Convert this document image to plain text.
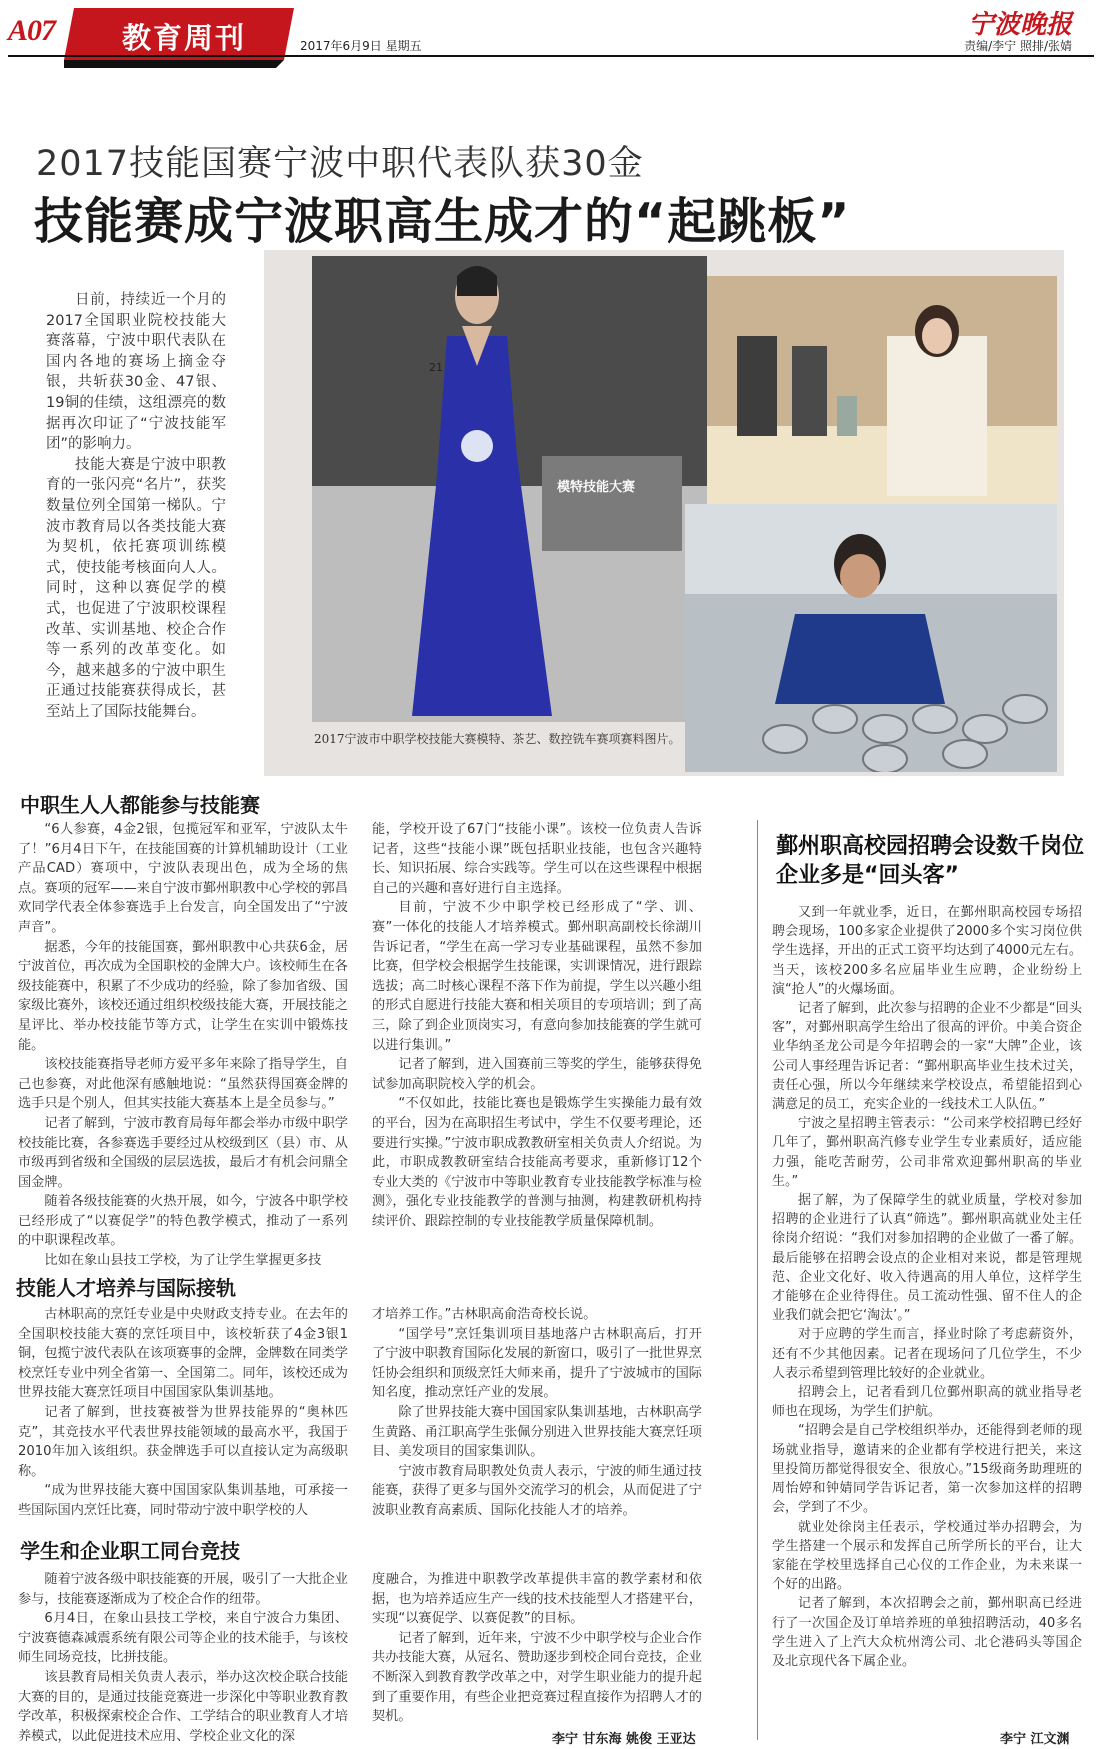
A07 教育周刊	2017年6月9日 星期五
宁波晚报
责编/李宁 照排/张婧
2017技能国赛宁波中职代表队获30金
技能赛成宁波职高生成才的“起跳板”

日前，持续近一个月的2017全国职业院校技能大赛落幕，宁波中职代表队在国内各地的赛场上摘金夺银，共斩获30金、47银、19铜的佳绩，这组漂亮的数据再次印证了“宁波技能军团”的影响力。

技能大赛是宁波中职教育的一张闪亮“名片”，获奖数量位列全国第一梯队。宁波市教育局以各类技能大赛为契机，依托赛项训练模式，使技能考核面向人人。同时，这种以赛促学的模式，也促进了宁波职校课程改革、实训基地、校企合作等一系列的改革变化。如今，越来越多的宁波中职生正通过技能赛获得成长，甚至站上了国际技能舞台。

模特技能大赛
21
2017宁波市中职学校技能大赛模特、茶艺、数控铣车赛项赛料图片。
中职生人人都能参与技能赛

“6人参赛，4金2银，包揽冠军和亚军，宁波队太牛了！”6月4日下午，在技能国赛的计算机辅助设计（工业产品CAD）赛项中，宁波队表现出色，成为全场的焦点。赛项的冠军——来自宁波市鄞州职教中心学校的郭昌欢同学代表全体参赛选手上台发言，向全国发出了“宁波声音”。

据悉，今年的技能国赛，鄞州职教中心共获6金，居宁波首位，再次成为全国职校的金牌大户。该校师生在各级技能赛中，积累了不少成功的经验，除了参加省级、国家级比赛外，该校还通过组织校级技能大赛，开展技能之星评比、举办校技能节等方式，让学生在实训中锻炼技能。

该校技能赛指导老师方爱平多年来除了指导学生，自己也参赛，对此他深有感触地说：“虽然获得国赛金牌的选手只是个别人，但其实技能大赛基本上是全员参与。”

记者了解到，宁波市教育局每年都会举办市级中职学校技能比赛，各参赛选手要经过从校级到区（县）市、从市级再到省级和全国级的层层选拔，最后才有机会问鼎全国金牌。

随着各级技能赛的火热开展，如今，宁波各中职学校已经形成了“以赛促学”的特色教学模式，推动了一系列的中职课程改革。

比如在象山县技工学校，为了让学生掌握更多技

能，学校开设了67门“技能小课”。该校一位负责人告诉记者，这些“技能小课”既包括职业技能，也包含兴趣特长、知识拓展、综合实践等。学生可以在这些课程中根据自己的兴趣和喜好进行自主选择。

目前，宁波不少中职学校已经形成了“学、训、赛”一体化的技能人才培养模式。鄞州职高副校长徐湖川告诉记者，“学生在高一学习专业基础课程，虽然不参加比赛，但学校会根据学生技能课，实训课情况，进行跟踪选拔；高二时核心课程不落下作为前提，学生以兴趣小组的形式自愿进行技能大赛和相关项目的专项培训；到了高三，除了到企业顶岗实习，有意向参加技能赛的学生就可以进行集训。”

记者了解到，进入国赛前三等奖的学生，能够获得免试参加高职院校入学的机会。

“不仅如此，技能比赛也是锻炼学生实操能力最有效的平台，因为在高职招生考试中，学生不仅要考理论，还要进行实操。”宁波市职成教教研室相关负责人介绍说。为此，市职成教教研室结合技能高考要求，重新修订12个专业大类的《宁波市中等职业教育专业技能教学标准与检测》，强化专业技能教学的普测与抽测，构建教研机构持续评价、跟踪控制的专业技能教学质量保障机制。

技能人才培养与国际接轨

古林职高的烹饪专业是中央财政支持专业。在去年的全国职校技能大赛的烹饪项目中，该校斩获了4金3银1铜，包揽宁波代表队在该项赛事的金牌，金牌数在同类学校烹饪专业中列全省第一、全国第二。同年，该校还成为世界技能大赛烹饪项目中国国家队集训基地。

记者了解到，世技赛被誉为世界技能界的“奥林匹克”，其竞技水平代表世界技能领域的最高水平，我国于2010年加入该组织。获金牌选手可以直接认定为高级职称。

“成为世界技能大赛中国国家队集训基地，可承接一些国际国内烹饪比赛，同时带动宁波中职学校的人

才培养工作。”古林职高俞浩奇校长说。

“国学号”烹饪集训项目基地落户古林职高后，打开了宁波中职教育国际化发展的新窗口，吸引了一批世界烹饪协会组织和顶级烹饪大师来甬，提升了宁波城市的国际知名度，推动烹饪产业的发展。

除了世界技能大赛中国国家队集训基地，古林职高学生黄路、甬江职高学生张佩分别进入世界技能大赛烹饪项目、美发项目的国家集训队。

宁波市教育局职教处负责人表示，宁波的师生通过技能赛，获得了更多与国外交流学习的机会，从而促进了宁波职业教育高素质、国际化技能人才的培养。

学生和企业职工同台竞技

随着宁波各级中职技能赛的开展，吸引了一大批企业参与，技能赛逐渐成为了校企合作的纽带。

6月4日，在象山县技工学校，来自宁波合力集团、宁波赛德森减震系统有限公司等企业的技术能手，与该校师生同场竞技，比拼技能。

该县教育局相关负责人表示，举办这次校企联合技能大赛的目的，是通过技能竞赛进一步深化中等职业教育教学改革，积极探索校企合作、工学结合的职业教育人才培养模式，以此促进技术应用、学校企业文化的深

度融合，为推进中职教学改革提供丰富的教学素材和依据，也为培养适应生产一线的技术技能型人才搭建平台，实现“以赛促学、以赛促教”的目标。

记者了解到，近年来，宁波不少中职学校与企业合作共办技能大赛，从冠名、赞助逐步到校企同台竞技，企业不断深入到教育教学改革之中，对学生职业能力的提升起到了重要作用，有些企业把竞赛过程直接作为招聘人才的契机。

李宁 甘东海 姚俊 王亚达
鄞州职高校园招聘会设数千岗位
企业多是“回头客”

又到一年就业季，近日，在鄞州职高校园专场招聘会现场，100多家企业提供了2000多个实习岗位供学生选择，开出的正式工资平均达到了4000元左右。当天，该校200多名应届毕业生应聘，企业纷纷上演“抢人”的火爆场面。

记者了解到，此次参与招聘的企业不少都是“回头客”，对鄞州职高学生给出了很高的评价。中美合资企业华纳圣龙公司是今年招聘会的一家“大牌”企业，该公司人事经理告诉记者：“鄞州职高毕业生技术过关，责任心强，所以今年继续来学校设点，希望能招到心满意足的员工，充实企业的一线技术工人队伍。”

宁波之星招聘主管表示：“公司来学校招聘已经好几年了，鄞州职高汽修专业学生专业素质好，适应能力强，能吃苦耐劳，公司非常欢迎鄞州职高的毕业生。”

据了解，为了保障学生的就业质量，学校对参加招聘的企业进行了认真“筛选”。鄞州职高就业处主任徐岗介绍说：“我们对参加招聘的企业做了一番了解。最后能够在招聘会设点的企业相对来说，都是管理规范、企业文化好、收入待遇高的用人单位，这样学生才能够在企业待得住。员工流动性强、留不住人的企业我们就会把它‘淘汰’。”

对于应聘的学生而言，择业时除了考虑薪资外，还有不少其他因素。记者在现场问了几位学生，不少人表示希望到管理比较好的企业就业。

招聘会上，记者看到几位鄞州职高的就业指导老师也在现场，为学生们护航。

“招聘会是自己学校组织举办，还能得到老师的现场就业指导，邀请来的企业都有学校进行把关，来这里投简历都觉得很安全、很放心。”15级商务助理班的周怡婷和钟婧同学告诉记者，第一次参加这样的招聘会，学到了不少。

就业处徐岗主任表示，学校通过举办招聘会，为学生搭建一个展示和发挥自己所学所长的平台，让大家能在学校里选择自己心仪的工作企业，为未来谋一个好的出路。

记者了解到，本次招聘会之前，鄞州职高已经进行了一次国企及订单培养班的单独招聘活动，40多名学生进入了上汽大众杭州湾公司、北仑港码头等国企及北京现代各下属企业。

李宁 江文渊
